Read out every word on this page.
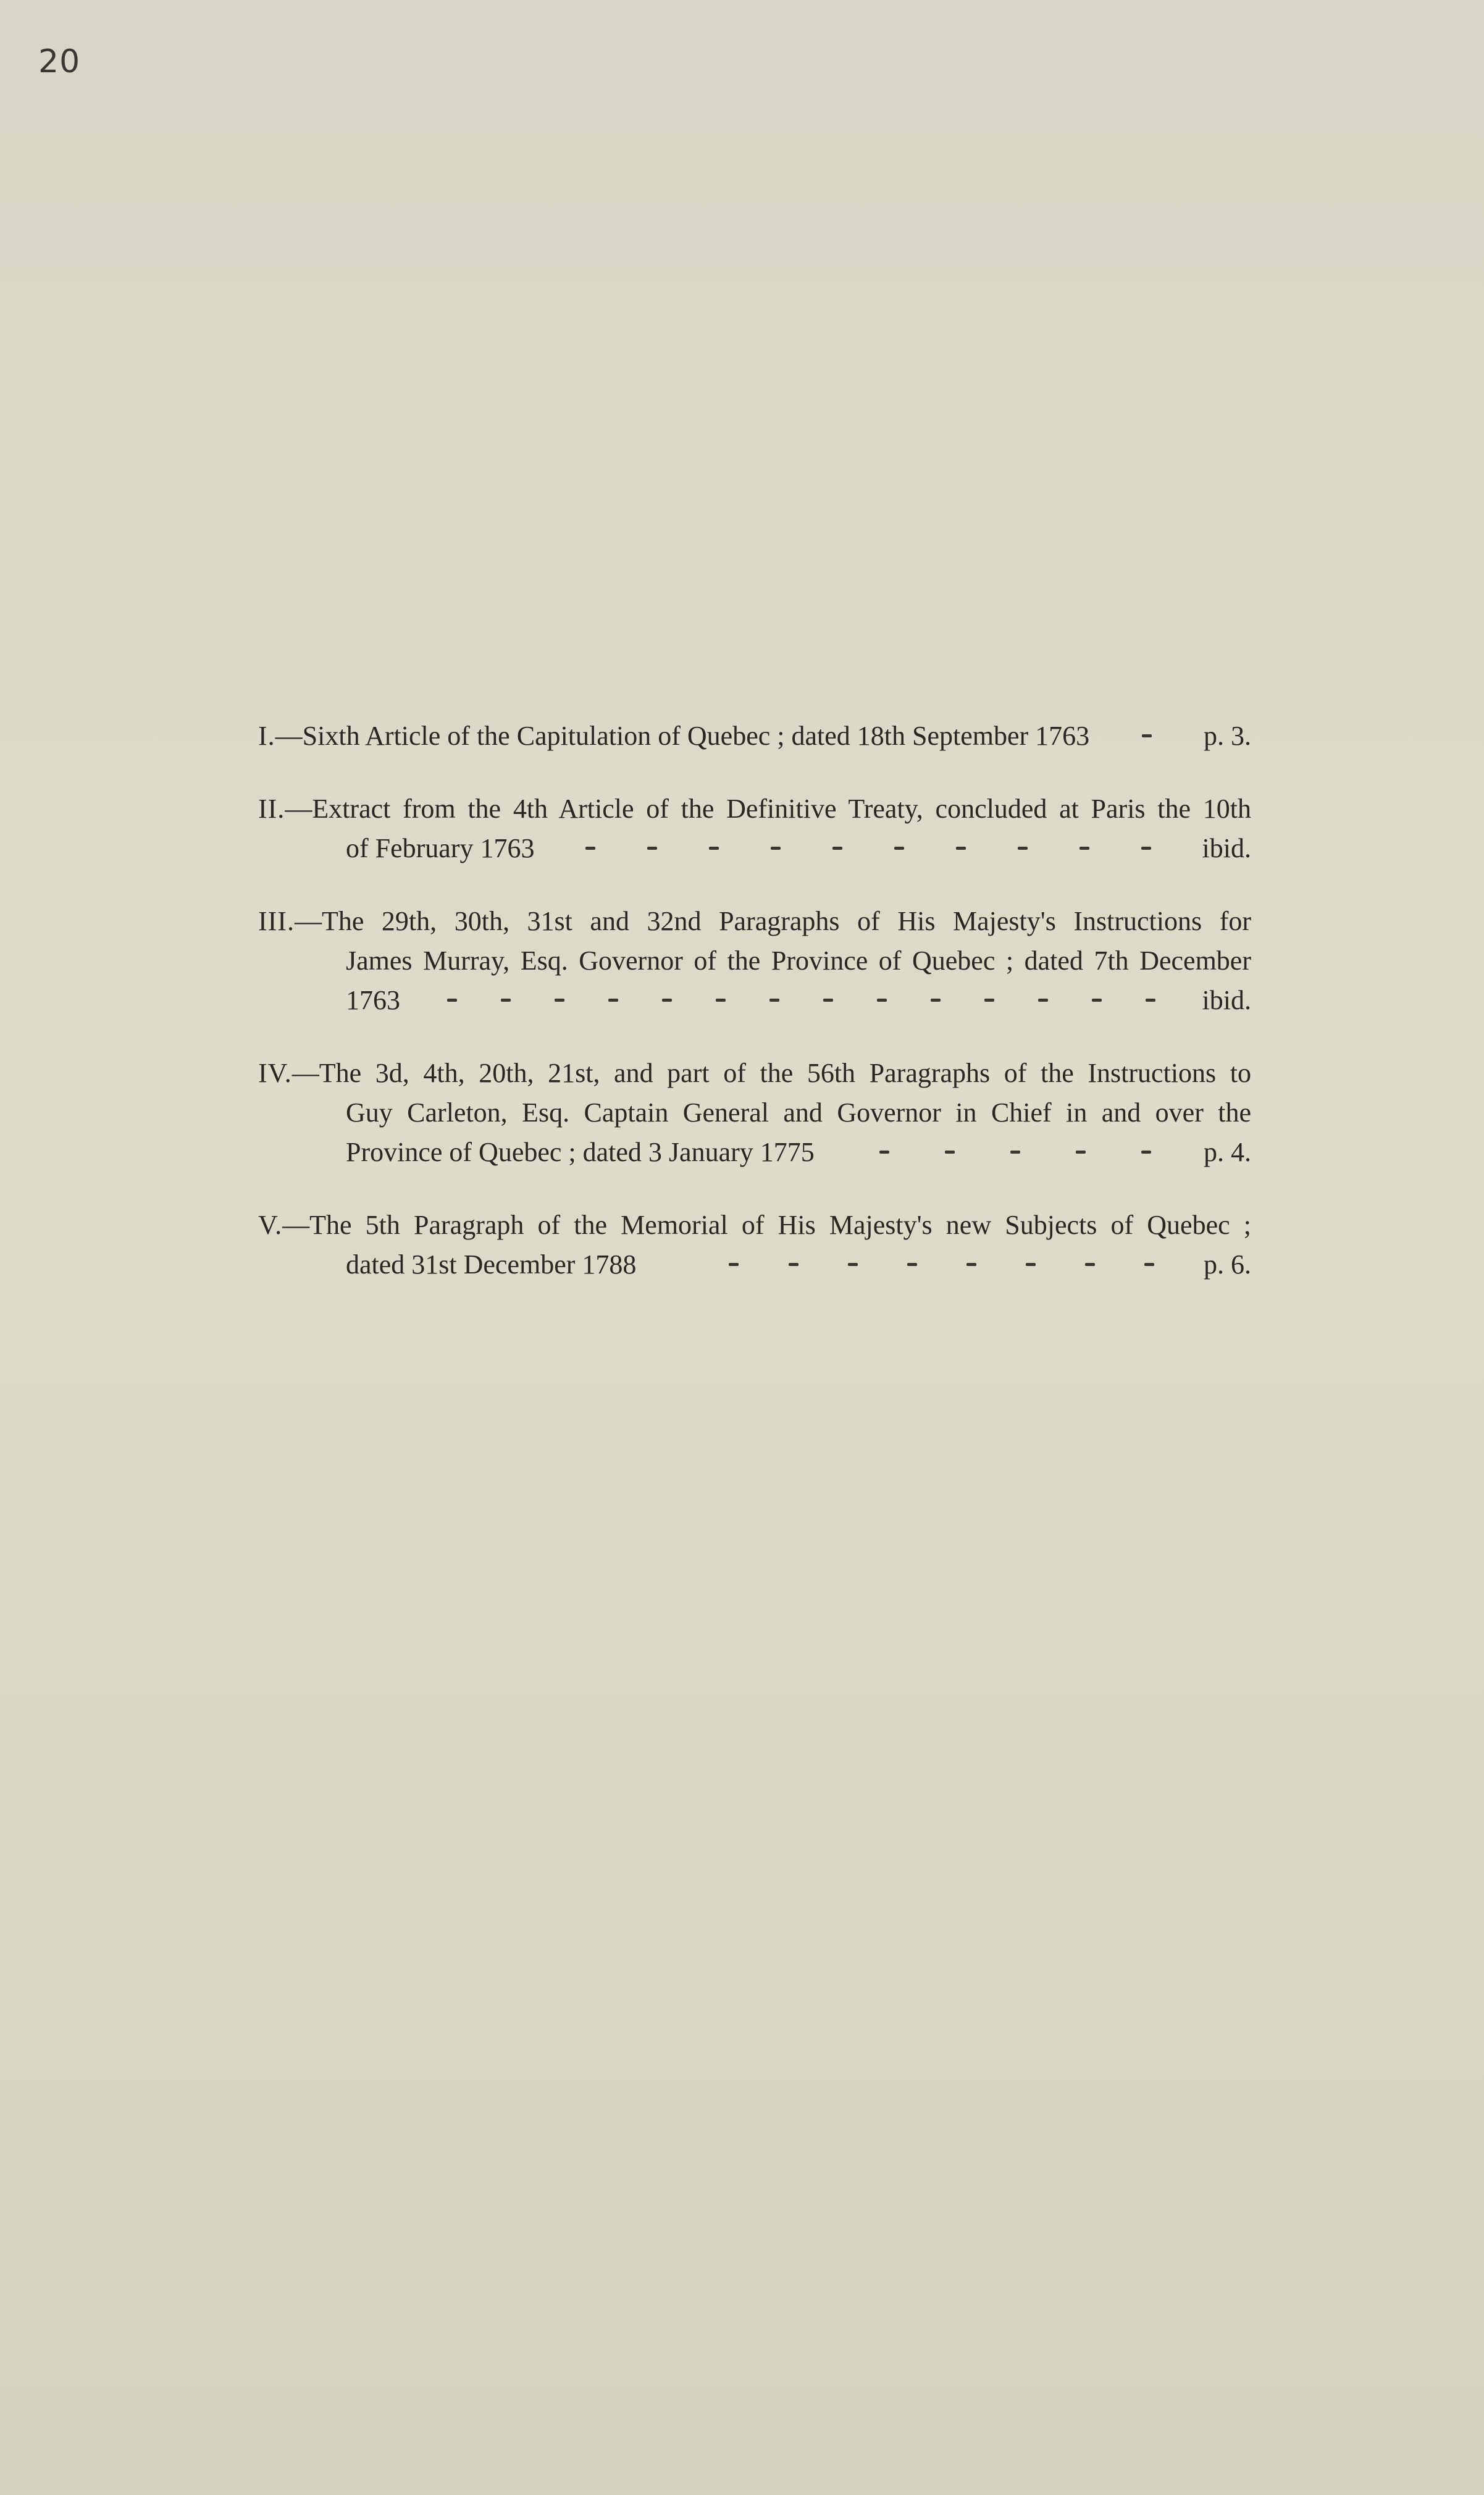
20
I. —Sixth Article of the Capitulation of Quebec ; dated 18th September 1763	p. 3.
II.—Extract from the 4th Article of the Definitive Treaty, concluded at Paris the 10th
of February 1763	ibid.
III.—The 29th, 30th, 31st and 32nd Paragraphs of His Majesty's Instructions for
James Murray, Esq. Governor of the Province of Quebec ; dated 7th December
1763	ibid.
IV.—The 3d, 4th, 20th, 21st, and part of the 56th Paragraphs of the Instructions to
Guy Carleton, Esq. Captain General and Governor in Chief in and over the
Province of Quebec ; dated 3 January 1775	p. 4.
V.—The 5th Paragraph of the Memorial of His Majesty's new Subjects of Quebec ;
dated 31st December 1788	p. 6.
